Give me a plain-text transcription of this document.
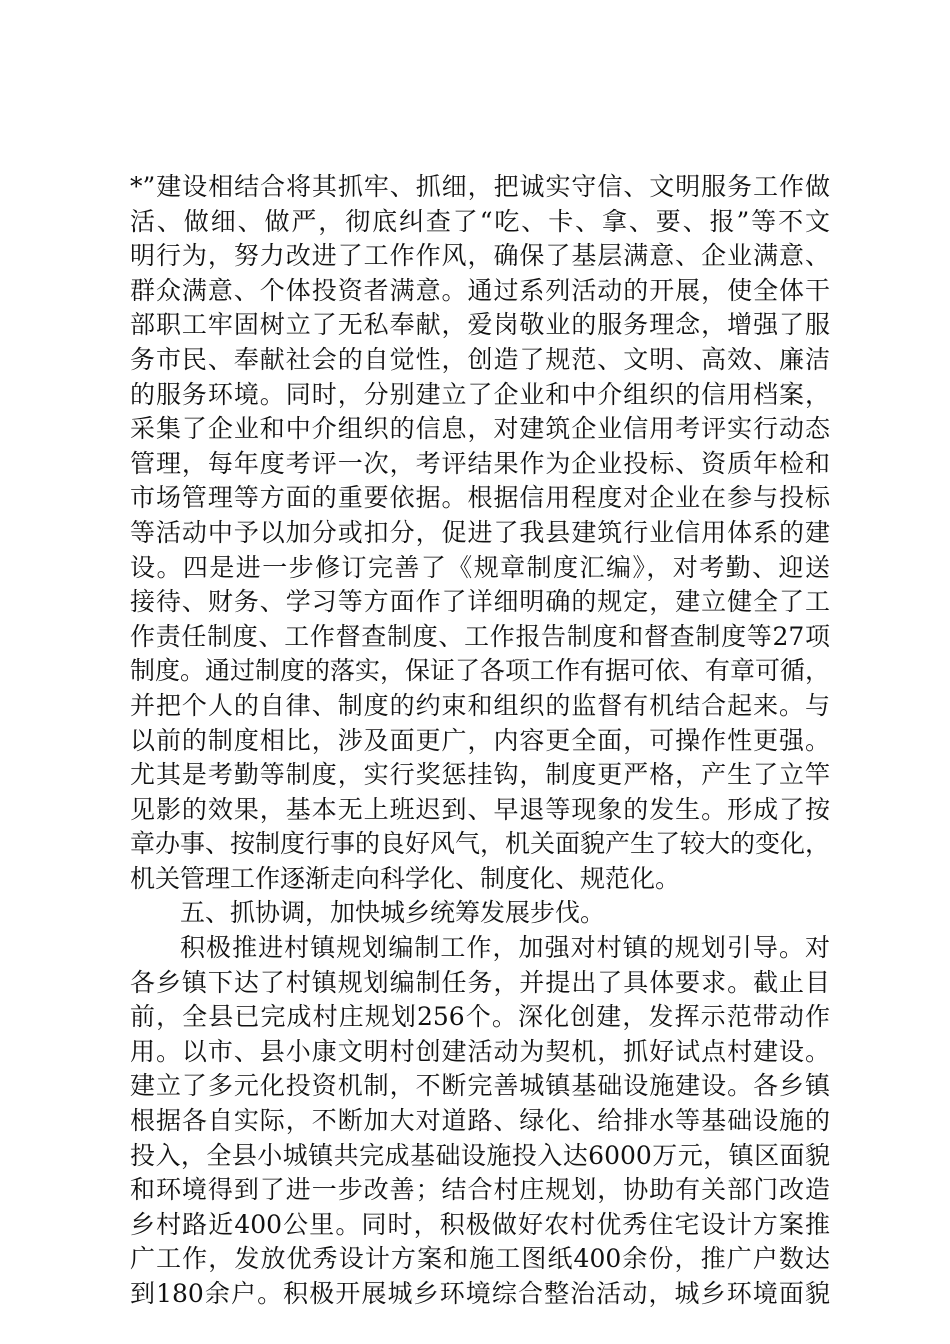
*”建设相结合将其抓牢、抓细，把诚实守信、文明服务工作做
活、做细、做严，彻底纠查了“吃、卡、拿、要、报”等不文
明行为，努力改进了工作作风，确保了基层满意、企业满意、
群众满意、个体投资者满意。通过系列活动的开展，使全体干
部职工牢固树立了无私奉献，爱岗敬业的服务理念，增强了服
务市民、奉献社会的自觉性，创造了规范、文明、高效、廉洁
的服务环境。同时，分别建立了企业和中介组织的信用档案，
采集了企业和中介组织的信息，对建筑企业信用考评实行动态
管理，每年度考评一次，考评结果作为企业投标、资质年检和
市场管理等方面的重要依据。根据信用程度对企业在参与投标
等活动中予以加分或扣分，促进了我县建筑行业信用体系的建
设。四是进一步修订完善了《规章制度汇编》，对考勤、迎送
接待、财务、学习等方面作了详细明确的规定，建立健全了工
作责任制度、工作督查制度、工作报告制度和督查制度等27项
制度。通过制度的落实，保证了各项工作有据可依、有章可循，
并把个人的自律、制度的约束和组织的监督有机结合起来。与
以前的制度相比，涉及面更广，内容更全面，可操作性更强。
尤其是考勤等制度，实行奖惩挂钩，制度更严格，产生了立竿
见影的效果，基本无上班迟到、早退等现象的发生。形成了按
章办事、按制度行事的良好风气，机关面貌产生了较大的变化，
机关管理工作逐渐走向科学化、制度化、规范化。
五、抓协调，加快城乡统筹发展步伐。
积极推进村镇规划编制工作，加强对村镇的规划引导。对
各乡镇下达了村镇规划编制任务，并提出了具体要求。截止目
前，全县已完成村庄规划256个。深化创建，发挥示范带动作
用。以市、县小康文明村创建活动为契机，抓好试点村建设。
建立了多元化投资机制，不断完善城镇基础设施建设。各乡镇
根据各自实际，不断加大对道路、绿化、给排水等基础设施的
投入，全县小城镇共完成基础设施投入达6000万元，镇区面貌
和环境得到了进一步改善；结合村庄规划，协助有关部门改造
乡村路近400公里。同时，积极做好农村优秀住宅设计方案推
广工作，发放优秀设计方案和施工图纸400余份，推广户数达
到180余户。积极开展城乡环境综合整治活动，城乡环境面貌
